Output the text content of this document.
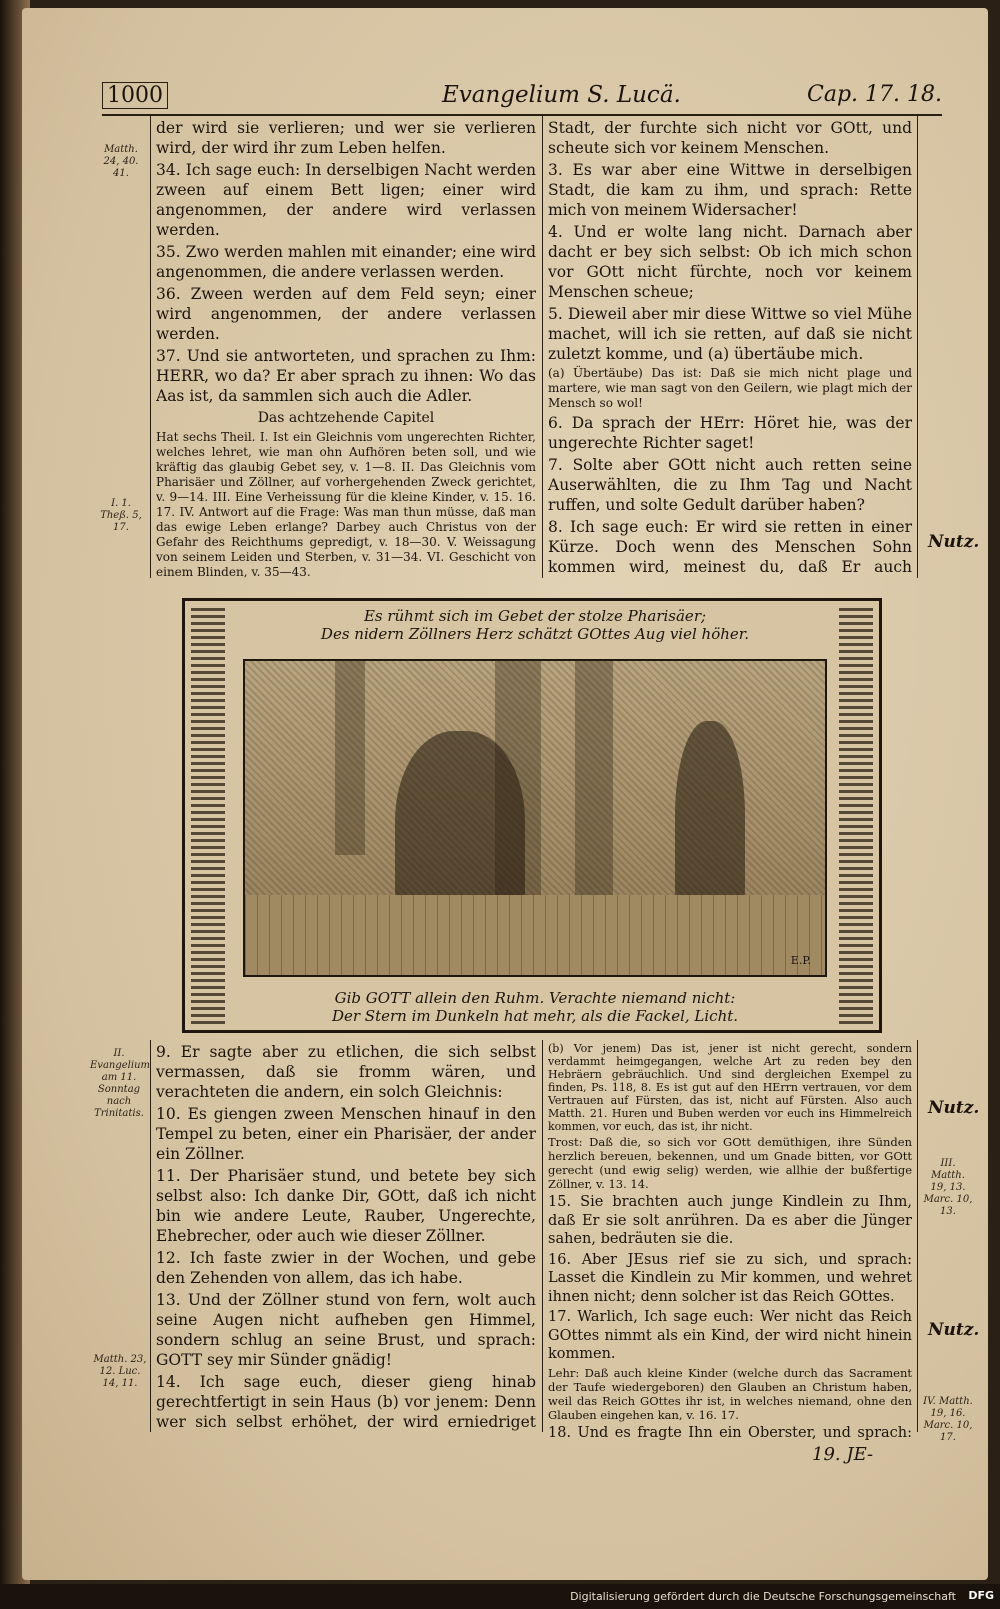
1000	Evangelium S. Lucä.	Cap. 17. 18.
Matth. 24, 40. 41.
I. 1. Theß. 5, 17.
II. Evangelium am 11. Sonntag nach Trinitatis.
Matth. 23, 12. Luc. 14, 11.
III. Matth. 19, 13. Marc. 10, 13.
IV. Matth. 19, 16. Marc. 10, 17.
Nutz.
Nutz.
Nutz.

der wird sie verlieren; und wer sie verlieren wird, der wird ihr zum Leben helfen.

34. Ich sage euch: In derselbigen Nacht werden zween auf einem Bett ligen; einer wird angenommen, der andere wird verlassen werden.

35. Zwo werden mahlen mit einander; eine wird angenommen, die andere verlassen werden.

36. Zween werden auf dem Feld seyn; einer wird angenommen, der andere verlassen werden.

37. Und sie antworteten, und sprachen zu Ihm: HERR, wo da? Er aber sprach zu ihnen: Wo das Aas ist, da sammlen sich auch die Adler.

Das achtzehende Capitel

Hat sechs Theil. I. Ist ein Gleichnis vom ungerechten Richter, welches lehret, wie man ohn Aufhören beten soll, und wie kräftig das glaubig Gebet sey, v. 1—8. II. Das Gleichnis vom Pharisäer und Zöllner, auf vorhergehenden Zweck gerichtet, v. 9—14. III. Eine Verheissung für die kleine Kinder, v. 15. 16. 17. IV. Antwort auf die Frage: Was man thun müsse, daß man das ewige Leben erlange? Darbey auch Christus von der Gefahr des Reichthums gepredigt, v. 18—30. V. Weissagung von seinem Leiden und Sterben, v. 31—34. VI. Geschicht von einem Blinden, v. 35—43.

Stadt, der furchte sich nicht vor GOtt, und scheute sich vor keinem Menschen.

3. Es war aber eine Wittwe in derselbigen Stadt, die kam zu ihm, und sprach: Rette mich von meinem Widersacher!

4. Und er wolte lang nicht. Darnach aber dacht er bey sich selbst: Ob ich mich schon vor GOtt nicht fürchte, noch vor keinem Menschen scheue;

5. Dieweil aber mir diese Wittwe so viel Mühe machet, will ich sie retten, auf daß sie nicht zuletzt komme, und (a) übertäube mich.

(a) Übertäube) Das ist: Daß sie mich nicht plage und martere, wie man sagt von den Geilern, wie plagt mich der Mensch so wol!

6. Da sprach der HErr: Höret hie, was der ungerechte Richter saget!

7. Solte aber GOtt nicht auch retten seine Auserwählten, die zu Ihm Tag und Nacht ruffen, und solte Gedult darüber haben?

8. Ich sage euch: Er wird sie retten in einer Kürze. Doch wenn des Menschen Sohn kommen wird, meinest du, daß Er auch

Es rühmt sich im Gebet der stolze Pharisäer;
Des nidern Zöllners Herz schätzt GOttes Aug viel höher.
E.P.
Gib GOTT allein den Ruhm. Verachte niemand nicht:
Der Stern im Dunkeln hat mehr, als die Fackel, Licht.

9. Er sagte aber zu etlichen, die sich selbst vermassen, daß sie fromm wären, und verachteten die andern, ein solch Gleichnis:

10. Es giengen zween Menschen hinauf in den Tempel zu beten, einer ein Pharisäer, der ander ein Zöllner.

11. Der Pharisäer stund, und betete bey sich selbst also: Ich danke Dir, GOtt, daß ich nicht bin wie andere Leute, Rauber, Ungerechte, Ehebrecher, oder auch wie dieser Zöllner.

12. Ich faste zwier in der Wochen, und gebe den Zehenden von allem, das ich habe.

13. Und der Zöllner stund von fern, wolt auch seine Augen nicht aufheben gen Himmel, sondern schlug an seine Brust, und sprach: GOTT sey mir Sünder gnädig!

14. Ich sage euch, dieser gieng hinab gerechtfertigt in sein Haus (b) vor jenem: Denn wer sich selbst erhöhet, der wird erniedriget

(b) Vor jenem) Das ist, jener ist nicht gerecht, sondern verdammt heimgegangen, welche Art zu reden bey den Hebräern gebräuchlich. Und sind dergleichen Exempel zu finden, Ps. 118, 8. Es ist gut auf den HErrn vertrauen, vor dem Vertrauen auf Fürsten, das ist, nicht auf Fürsten. Also auch Matth. 21. Huren und Buben werden vor euch ins Himmelreich kommen, vor euch, das ist, ihr nicht.

Trost: Daß die, so sich vor GOtt demüthigen, ihre Sünden herzlich bereuen, bekennen, und um Gnade bitten, vor GOtt gerecht (und ewig selig) werden, wie allhie der bußfertige Zöllner, v. 13. 14.

15. Sie brachten auch junge Kindlein zu Ihm, daß Er sie solt anrühren. Da es aber die Jünger sahen, bedräuten sie die.

16. Aber JEsus rief sie zu sich, und sprach: Lasset die Kindlein zu Mir kommen, und wehret ihnen nicht; denn solcher ist das Reich GOttes.

17. Warlich, Ich sage euch: Wer nicht das Reich GOttes nimmt als ein Kind, der wird nicht hinein kommen.

Lehr: Daß auch kleine Kinder (welche durch das Sacrament der Taufe wiedergeboren) den Glauben an Christum haben, weil das Reich GOttes ihr ist, in welches niemand, ohne den Glauben eingehen kan, v. 16. 17.

18. Und es fragte Ihn ein Oberster, und sprach:

19. JE-
Digitalisierung gefördert durch die Deutsche Forschungsgemeinschaft DFG
